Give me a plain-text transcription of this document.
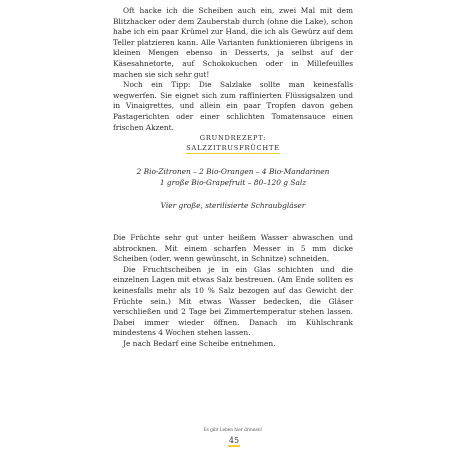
Oft hacke ich die Scheiben auch ein, zwei Mal mit dem Blitzhacker oder dem Zauberstab durch (ohne die Lake), schon habe ich ein paar Krümel zur Hand, die ich als Gewürz auf dem Teller platzieren kann. Alle Varianten funktionieren übrigens in kleinen Mengen ebenso in Desserts, ja selbst auf der Käsesahnetorte, auf Schokokuchen oder in Millefeuilles machen sie sich sehr gut!

Noch ein Tipp: Die Salzlake sollte man keinesfalls wegwerfen. Sie eignet sich zum raffinierten Flüssigsalzen und in Vinaigrettes, und allein ein paar Tropfen davon geben Pastagerichten oder einer schlichten Tomatensauce einen frischen Akzent.

GRUNDREZEPT:
SALZZITRUSFRÜCHTE
2 Bio-Zitronen – 2 Bio-Orangen – 4 Bio-Mandarinen
1 große Bio-Grapefruit – 80–120 g Salz
Vier große, sterilisierte Schraubgläser

Die Früchte sehr gut unter heißem Wasser abwaschen und abtrocknen. Mit einem scharfen Messer in 5 mm dicke Scheiben (oder, wenn gewünscht, in Schnitze) schneiden.

Die Fruchtscheiben je in ein Glas schichten und die einzelnen Lagen mit etwas Salz bestreuen. (Am Ende sollten es keinesfalls mehr als 10 % Salz bezogen auf das Gewicht der Früchte sein.) Mit etwas Wasser bedecken, die Gläser verschließen und 2 Tage bei Zimmertemperatur stehen lassen. Dabei immer wieder öffnen. Danach im Kühlschrank mindestens 4 Wochen stehen lassen.

Je nach Bedarf eine Scheibe entnehmen.

Es gibt Leben hier drinnen!
45
